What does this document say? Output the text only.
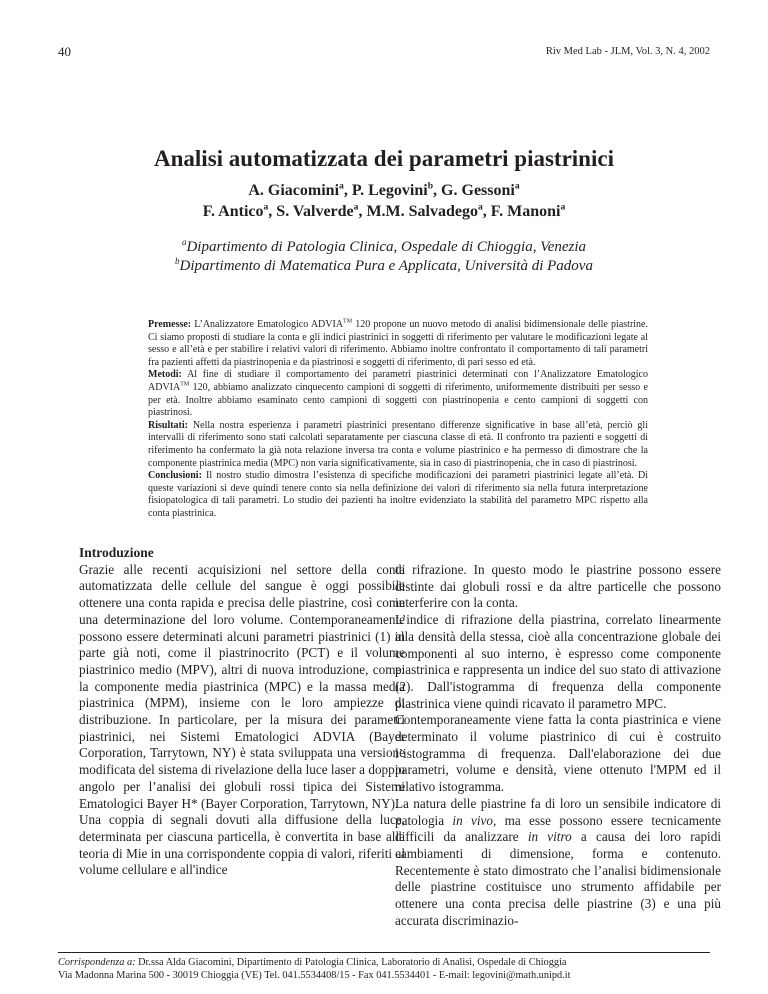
40	Riv Med Lab - JLM, Vol. 3, N. 4, 2002
Analisi automatizzata dei parametri piastrinici
A. Giacomini$^a$, P. Legovini$^b$, G. Gessoni$^a$
F. Antico$^a$, S. Valverde$^a$, M.M. Salvadego$^a$, F. Manoni$^a$
$^a$Dipartimento di Patologia Clinica, Ospedale di Chioggia, Venezia
$^b$Dipartimento di Matematica Pura e Applicata, Università di Padova

Premesse: L’Analizzatore Ematologico ADVIA™ 120 propone un nuovo metodo di analisi bidimensionale delle piastrine. Ci siamo proposti di studiare la conta e gli indici piastrinici in soggetti di riferimento per valutare le modificazioni legate al sesso e all’età e per stabilire i relativi valori di riferimento. Abbiamo inoltre confrontato il comportamento di tali parametri fra pazienti affetti da piastrinopenia e da piastrinosi e soggetti di riferimento, di pari sesso ed età.

Metodi: Al fine di studiare il comportamento dei parametri piastrinici determinati con l’Analizzatore Ematologico ADVIA™ 120, abbiamo analizzato cinquecento campioni di soggetti di riferimento, uniformemente distribuiti per sesso e per età. Inoltre abbiamo esaminato cento campioni di soggetti con piastrinopenia e cento campioni di soggetti con piastrinosi.

Risultati: Nella nostra esperienza i parametri piastrinici presentano differenze significative in base all’età, perciò gli intervalli di riferimento sono stati calcolati separatamente per ciascuna classe di età. Il confronto tra pazienti e soggetti di riferimento ha confermato la già nota relazione inversa tra conta e volume piastrinico e ha permesso di dimostrare che la componente piastrinica media (MPC) non varia significativamente, sia in caso di piastrinopenia, che in caso di piastrinosi.

Conclusioni: Il nostro studio dimostra l’esistenza di specifiche modificazioni dei parametri piastrinici legate all’età. Di queste variazioni si deve quindi tenere conto sia nella definizione dei valori di riferimento sia nella futura interpretazione fisiopatologica di tali parametri. Lo studio dei pazienti ha inoltre evidenziato la stabilità del parametro MPC rispetto alla conta piastrinica.

Introduzione

Grazie alle recenti acquisizioni nel settore della conta automatizzata delle cellule del sangue è oggi possibile ottenere una conta rapida e precisa delle piastrine, così come una determinazione del loro volume. Contemporaneamente possono essere determinati alcuni parametri piastrinici (1) in parte già noti, come il piastrinocrito (PCT) e il volume piastrinico medio (MPV), altri di nuova introduzione, come: la componente media piastrinica (MPC) e la massa media piastrinica (MPM), insieme con le loro ampiezze di distribuzione. In particolare, per la misura dei parametri piastrinici, nei Sistemi Ematologici ADVIA (Bayer Corporation, Tarrytown, NY) è stata sviluppata una versione modificata del sistema di rivelazione della luce laser a doppio angolo per l’analisi dei globuli rossi tipica dei Sistemi Ematologici Bayer H* (Bayer Corporation, Tarrytown, NY).

Una coppia di segnali dovuti alla diffusione della luce, determinata per ciascuna particella, è convertita in base alla teoria di Mie in una corrispondente coppia di valori, riferiti al volume cellulare e all'indice

di rifrazione. In questo modo le piastrine possono essere distinte dai globuli rossi e da altre particelle che possono interferire con la conta.

L’indice di rifrazione della piastrina, correlato linearmente alla densità della stessa, cioè alla concentrazione globale dei componenti al suo interno, è espresso come componente piastrinica e rappresenta un indice del suo stato di attivazione (2). Dall'istogramma di frequenza della componente piastrinica viene quindi ricavato il parametro MPC.

Contemporaneamente viene fatta la conta piastrinica e viene determinato il volume piastrinico di cui è costruito l’istogramma di frequenza. Dall'elaborazione dei due parametri, volume e densità, viene ottenuto l'MPM ed il relativo istogramma.

La natura delle piastrine fa di loro un sensibile indicatore di patologia in vivo, ma esse possono essere tecnicamente difficili da analizzare in vitro a causa dei loro rapidi cambiamenti di dimensione, forma e contenuto. Recentemente è stato dimostrato che l’analisi bidimensionale delle piastrine costituisce uno strumento affidabile per ottenere una conta precisa delle piastrine (3) e una più accurata discriminazio-

Corrispondenza a: Dr.ssa Alda Giacomini, Dipartimento di Patologia Clinica, Laboratorio di Analisi, Ospedale di Chioggia
Via Madonna Marina 500 - 30019 Chioggia (VE) Tel. 041.5534408/15 - Fax 041.5534401 - E-mail: legovini@math.unipd.it
